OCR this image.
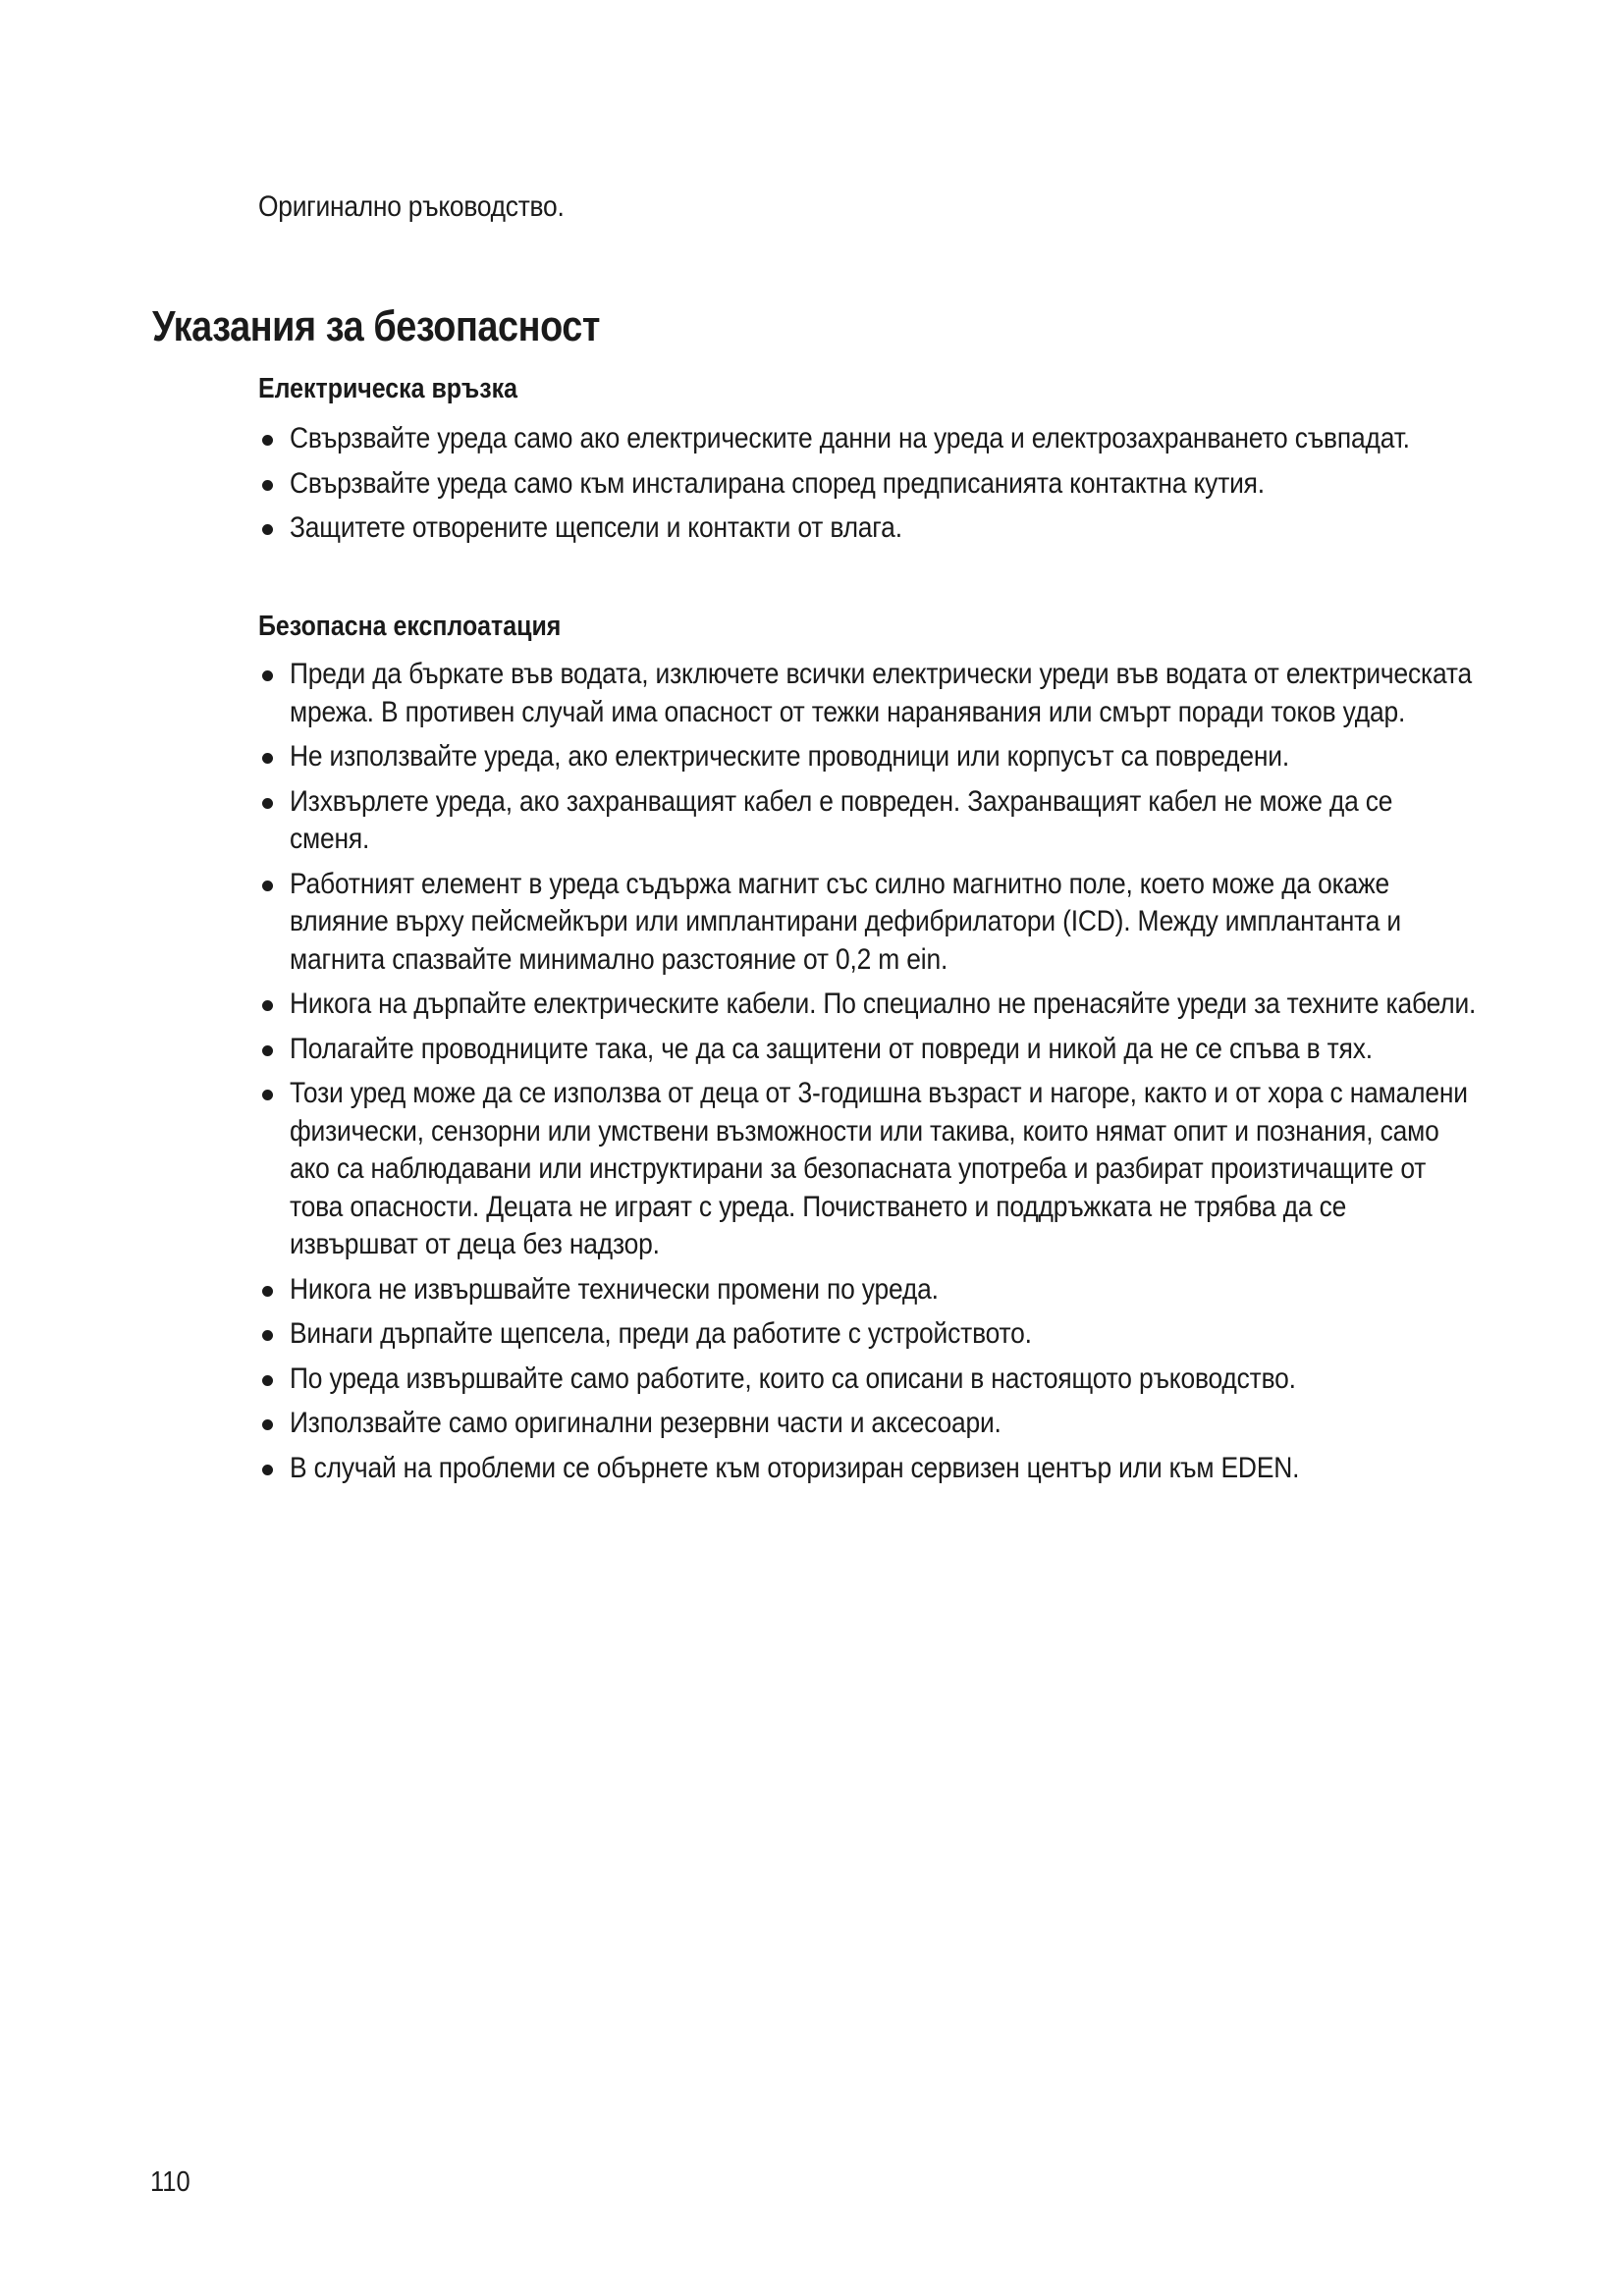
Оригинално ръководство.
Указания за безопасност
Електрическа връзка
Свързвайте уреда само ако електрическите данни на уреда и електрозахранването съвпадат.
Свързвайте уреда само към инсталирана според предписанията контактна кутия.
Защитете отворените щепсели и контакти от влага.
Безопасна експлоатация
Преди да бъркате във водата, изключете всички електрически уреди във водата от електрическата мрежа. В противен случай има опасност от тежки наранявания или смърт поради токов удар.
Не използвайте уреда, ако електрическите проводници или корпусът са повредени.
Изхвърлете уреда, ако захранващият кабел е повреден. Захранващият кабел не може да се сменя.
Работният елемент в уреда съдържа магнит със силно магнитно поле, което може да окаже влияние върху пейсмейкъри или имплантирани дефибрилатори (ICD). Между имплантанта и магнита спазвайте минимално разстояние от 0,2 m ein.
Никога на дърпайте електрическите кабели. По специално не пренасяйте уреди за техните кабели.
Полагайте проводниците така, че да са защитени от повреди и никой да не се спъва в тях.
Този уред може да се използва от деца от 3-годишна възраст и нагоре, както и от хора с намалени физически, сензорни или умствени възможности или такива, които нямат опит и познания, само ако са наблюдавани или инструктирани за безопасната употреба и разбират произтичащите от това опасности. Децата не играят с уреда. Почистването и поддръжката не трябва да се извършват от деца без надзор.
Никога не извършвайте технически промени по уреда.
Винаги дърпайте щепсела, преди да работите с устройството.
По уреда извършвайте само работите, които са описани в настоящото ръководство.
Използвайте само оригинални резервни части и аксесоари.
В случай на проблеми се обърнете към оторизиран сервизен център или към EDEN.
110
